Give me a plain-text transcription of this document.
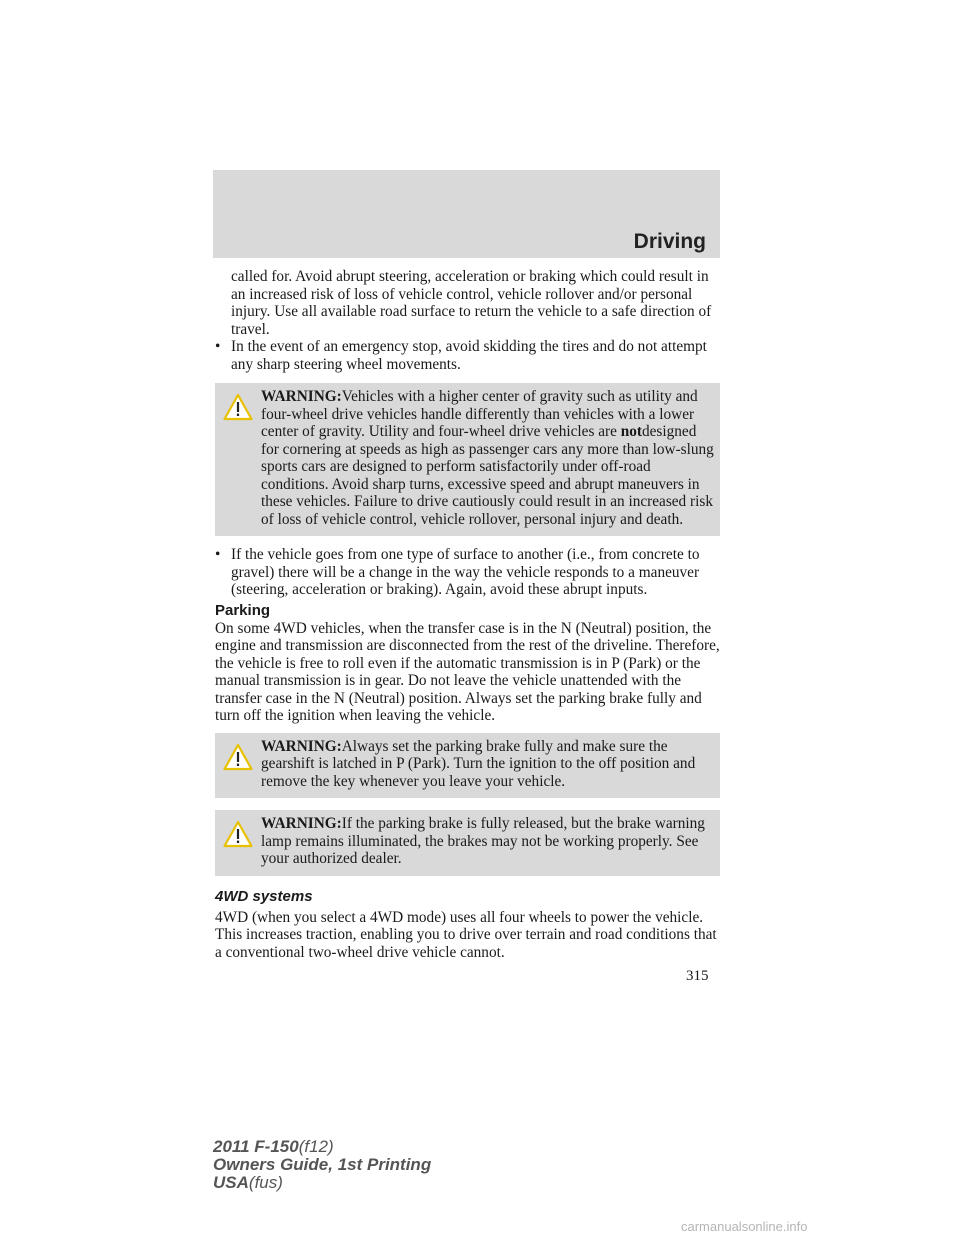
Driving

called for. Avoid abrupt steering, acceleration or braking which could result in an increased risk of loss of vehicle control, vehicle rollover and/or personal injury. Use all available road surface to return the vehicle to a safe direction of travel.

• In the event of an emergency stop, avoid skidding the tires and do not attempt any sharp steering wheel movements.

WARNING:Vehicles with a higher center of gravity such as utility and four-wheel drive vehicles handle differently than vehicles with a lower center of gravity. Utility and four-wheel drive vehicles are notdesigned for cornering at speeds as high as passenger cars any more than low-slung sports cars are designed to perform satisfactorily under off-road conditions. Avoid sharp turns, excessive speed and abrupt maneuvers in these vehicles. Failure to drive cautiously could result in an increased risk of loss of vehicle control, vehicle rollover, personal injury and death.

• If the vehicle goes from one type of surface to another (i.e., from concrete to gravel) there will be a change in the way the vehicle responds to a maneuver (steering, acceleration or braking). Again, avoid these abrupt inputs.
Parking

On some 4WD vehicles, when the transfer case is in the N (Neutral) position, the engine and transmission are disconnected from the rest of the driveline. Therefore, the vehicle is free to roll even if the automatic transmission is in P (Park) or the manual transmission is in gear. Do not leave the vehicle unattended with the transfer case in the N (Neutral) position. Always set the parking brake fully and turn off the ignition when leaving the vehicle.

WARNING:Always set the parking brake fully and make sure the gearshift is latched in P (Park). Turn the ignition to the off position and remove the key whenever you leave your vehicle.

WARNING:If the parking brake is fully released, but the brake warning lamp remains illuminated, the brakes may not be working properly. See your authorized dealer.

4WD systems

4WD (when you select a 4WD mode) uses all four wheels to power the vehicle. This increases traction, enabling you to drive over terrain and road conditions that a conventional two-wheel drive vehicle cannot.

315
2011 F-150(f12)
Owners Guide, 1st Printing
USA(fus)
carmanualsonline.info
